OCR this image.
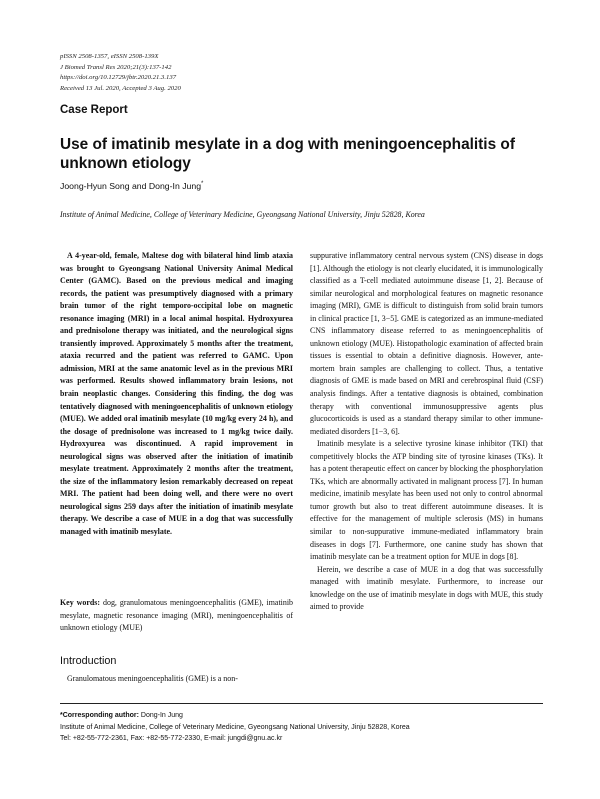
pISSN 2508-1357, eISSN 2508-139X
J Biomed Transl Res 2020;21(3):137-142
https://doi.org/10.12729/jbtr.2020.21.3.137
Received 13 Jul. 2020, Accepted 3 Aug. 2020
Case Report
Use of imatinib mesylate in a dog with meningoencephalitis of unknown etiology
Joong-Hyun Song and Dong-In Jung*
Institute of Animal Medicine, College of Veterinary Medicine, Gyeongsang National University, Jinju 52828, Korea

A 4-year-old, female, Maltese dog with bilateral hind limb ataxia was brought to Gyeongsang National University Animal Medical Center (GAMC). Based on the previous medical and imaging records, the patient was presumptively diagnosed with a primary brain tumor of the right temporo-occipital lobe on magnetic resonance imaging (MRI) in a local animal hospital. Hydroxyurea and prednisolone therapy was initiated, and the neurological signs transiently improved. Approximately 5 months after the treatment, ataxia recurred and the patient was referred to GAMC. Upon admission, MRI at the same anatomic level as in the previous MRI was performed. Results showed inflammatory brain lesions, not brain neoplastic changes. Considering this finding, the dog was tentatively diagnosed with meningoencephalitis of unknown etiology (MUE). We added oral imatinib mesylate (10 mg/kg every 24 h), and the dosage of prednisolone was increased to 1 mg/kg twice daily. Hydroxyurea was discontinued. A rapid improvement in neurological signs was observed after the initiation of imatinib mesylate treatment. Approximately 2 months after the treatment, the size of the inflammatory lesion remarkably decreased on repeat MRI. The patient had been doing well, and there were no overt neurological signs 259 days after the initiation of imatinib mesylate therapy. We describe a case of MUE in a dog that was successfully managed with imatinib mesylate.

Key words: dog, granulomatous meningoencephalitis (GME), imatinib mesylate, magnetic resonance imaging (MRI), meningoencephalitis of unknown etiology (MUE)
Introduction

Granulomatous meningoencephalitis (GME) is a non-

suppurative inflammatory central nervous system (CNS) disease in dogs [1]. Although the etiology is not clearly elucidated, it is immunologically classified as a T-cell mediated autoimmune disease [1, 2]. Because of similar neurological and morphological features on magnetic resonance imaging (MRI), GME is difficult to distinguish from solid brain tumors in clinical practice [1, 3−5]. GME is categorized as an immune-mediated CNS inflammatory disease referred to as meningoencephalitis of unknown etiology (MUE). Histopathologic examination of affected brain tissues is essential to obtain a definitive diagnosis. However, ante-mortem brain samples are challenging to collect. Thus, a tentative diagnosis of GME is made based on MRI and cerebrospinal fluid (CSF) analysis findings. After a tentative diagnosis is obtained, combination therapy with conventional immunosuppressive agents plus glucocorticoids is used as a standard therapy similar to other immune-mediated disorders [1−3, 6].

Imatinib mesylate is a selective tyrosine kinase inhibitor (TKI) that competitively blocks the ATP binding site of tyrosine kinases (TKs). It has a potent therapeutic effect on cancer by blocking the phosphorylation TKs, which are abnormally activated in malignant process [7]. In human medicine, imatinib mesylate has been used not only to control abnormal tumor growth but also to treat different autoimmune diseases. It is effective for the management of multiple sclerosis (MS) in humans similar to non-suppurative immune-mediated inflammatory brain diseases in dogs [7]. Furthermore, one canine study has shown that imatinib mesylate can be a treatment option for MUE in dogs [8].

Herein, we describe a case of MUE in a dog that was successfully managed with imatinib mesylate. Furthermore, to increase our knowledge on the use of imatinib mesylate in dogs with MUE, this study aimed to provide

*Corresponding author: Dong-In Jung
Institute of Animal Medicine, College of Veterinary Medicine, Gyeongsang National University, Jinju 52828, Korea
Tel: +82-55-772-2361, Fax: +82-55-772-2330, E-mail: jungdi@gnu.ac.kr
